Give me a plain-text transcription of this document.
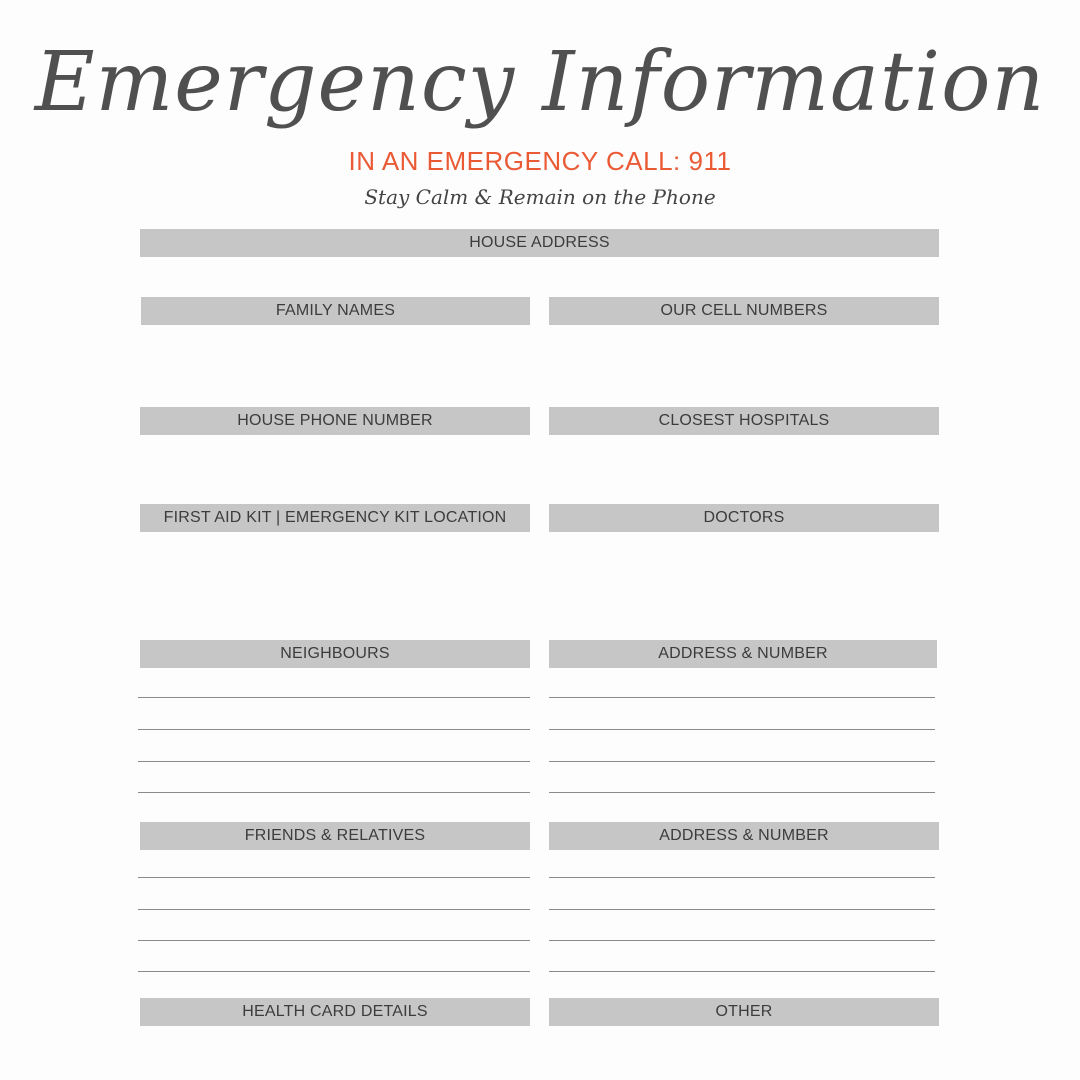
Emergency Information
IN AN EMERGENCY CALL: 911
Stay Calm & Remain on the Phone
HOUSE ADDRESS
FAMILY NAMES	OUR CELL NUMBERS
HOUSE PHONE NUMBER	CLOSEST HOSPITALS
FIRST AID KIT | EMERGENCY KIT LOCATION	DOCTORS
NEIGHBOURS	ADDRESS & NUMBER
FRIENDS & RELATIVES	ADDRESS & NUMBER
HEALTH CARD DETAILS	OTHER
